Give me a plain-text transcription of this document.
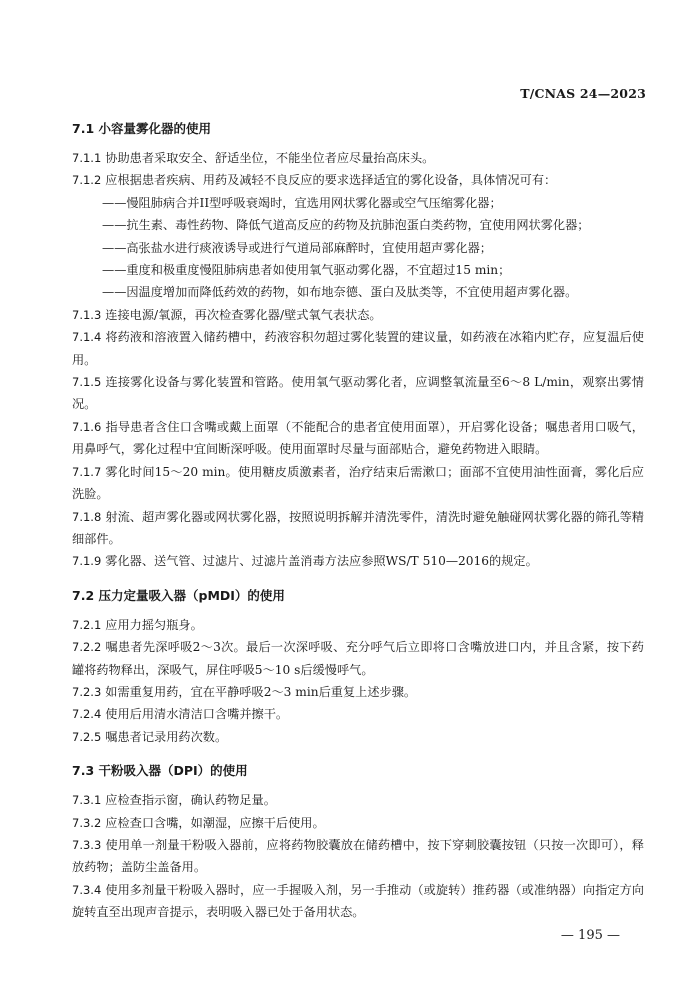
T/CNAS 24—2023
7.1 小容量雾化器的使用

7.1.1 协助患者采取安全、舒适坐位，不能坐位者应尽量抬高床头。

7.1.2 应根据患者疾病、用药及减轻不良反应的要求选择适宜的雾化设备，具体情况可有：

——慢阻肺病合并II型呼吸衰竭时，宜选用网状雾化器或空气压缩雾化器；

——抗生素、毒性药物、降低气道高反应的药物及抗肺泡蛋白类药物，宜使用网状雾化器；

——高张盐水进行痰液诱导或进行气道局部麻醉时，宜使用超声雾化器；

——重度和极重度慢阻肺病患者如使用氧气驱动雾化器，不宜超过15 min；

——因温度增加而降低药效的药物，如布地奈德、蛋白及肽类等，不宜使用超声雾化器。

7.1.3 连接电源/氧源，再次检查雾化器/壁式氧气表状态。

7.1.4 将药液和溶液置入储药槽中，药液容积勿超过雾化装置的建议量，如药液在冰箱内贮存，应复温后使用。

7.1.5 连接雾化设备与雾化装置和管路。使用氧气驱动雾化者，应调整氧流量至6～8 L/min，观察出雾情况。

7.1.6 指导患者含住口含嘴或戴上面罩（不能配合的患者宜使用面罩），开启雾化设备；嘱患者用口吸气，用鼻呼气，雾化过程中宜间断深呼吸。使用面罩时尽量与面部贴合，避免药物进入眼睛。

7.1.7 雾化时间15～20 min。使用糖皮质激素者，治疗结束后需漱口；面部不宜使用油性面膏，雾化后应洗脸。

7.1.8 射流、超声雾化器或网状雾化器，按照说明拆解并清洗零件，清洗时避免触碰网状雾化器的筛孔等精细部件。

7.1.9 雾化器、送气管、过滤片、过滤片盖消毒方法应参照WS/T 510—2016的规定。

7.2 压力定量吸入器（pMDI）的使用

7.2.1 应用力摇匀瓶身。

7.2.2 嘱患者先深呼吸2～3次。最后一次深呼吸、充分呼气后立即将口含嘴放进口内，并且含紧，按下药罐将药物释出，深吸气，屏住呼吸5～10 s后缓慢呼气。

7.2.3 如需重复用药，宜在平静呼吸2～3 min后重复上述步骤。

7.2.4 使用后用清水清洁口含嘴并擦干。

7.2.5 嘱患者记录用药次数。

7.3 干粉吸入器（DPI）的使用

7.3.1 应检查指示窗，确认药物足量。

7.3.2 应检查口含嘴，如潮湿，应擦干后使用。

7.3.3 使用单一剂量干粉吸入器前，应将药物胶囊放在储药槽中，按下穿刺胶囊按钮（只按一次即可），释放药物；盖防尘盖备用。

7.3.4 使用多剂量干粉吸入器时，应一手握吸入剂，另一手推动（或旋转）推药器（或准纳器）向指定方向旋转直至出现声音提示，表明吸入器已处于备用状态。

— 195 —
